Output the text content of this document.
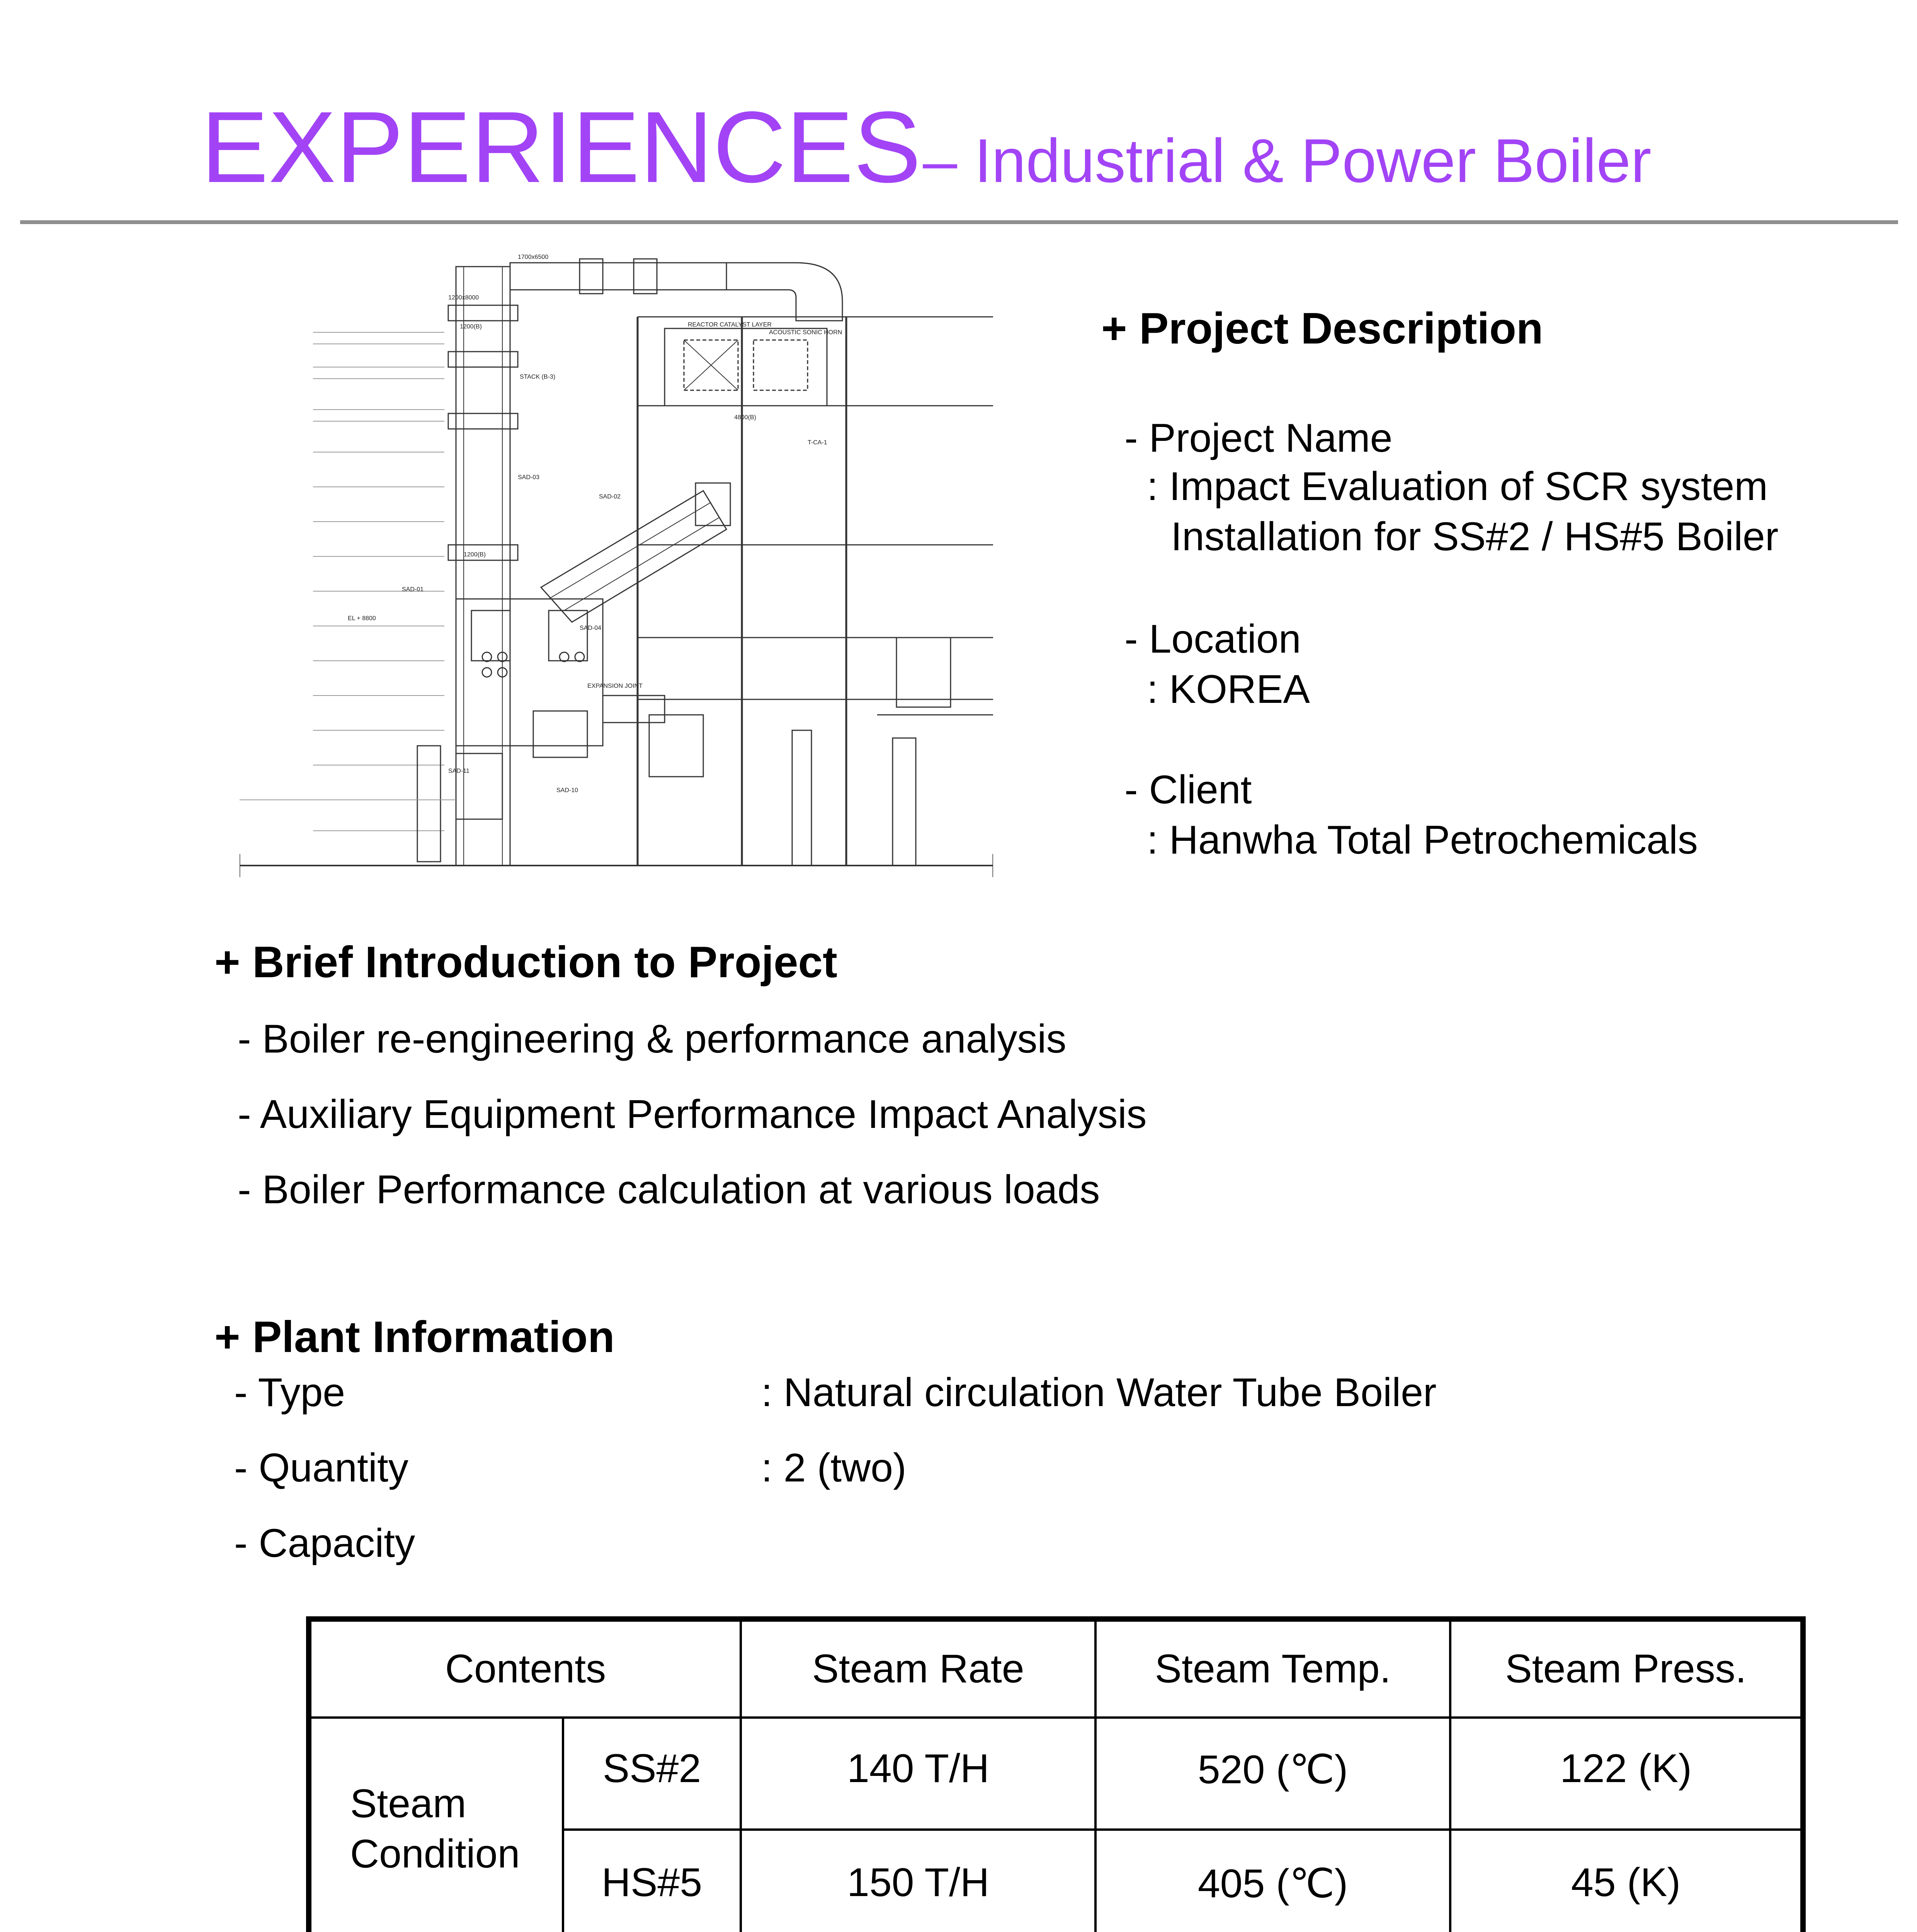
EXPERIENCES – Industrial & Power Boiler
1700x6500
1200x8000
1200(B)
STACK (B-3)
REACTOR CATALYST LAYER
ACOUSTIC SONIC HORN
4800(B)
T-CA-1
SAD-03
SAD-02
1200(B)
SAD-01
SAD-04
EL + 8800
EXPANSION JOINT
SAD-10
SAD-11
+ Project Description
- Project Name
: Impact Evaluation of SCR system
Installation for SS#2 / HS#5 Boiler
- Location
: KOREA
- Client
: Hanwha Total Petrochemicals
+ Brief Introduction to Project
- Boiler re-engineering & performance analysis
- Auxiliary Equipment Performance Impact Analysis
- Boiler Performance calculation at various loads
+ Plant Information
- Type	: Natural circulation Water Tube Boiler
- Quantity	: 2 (two)
- Capacity
Contents		Steam Rate	Steam Temp.	Steam Press.

Steam
Condition	SS#2	140 T/H	520 (℃)	122 (K)
	HS#5	150 T/H	405 (℃)	45 (K)
